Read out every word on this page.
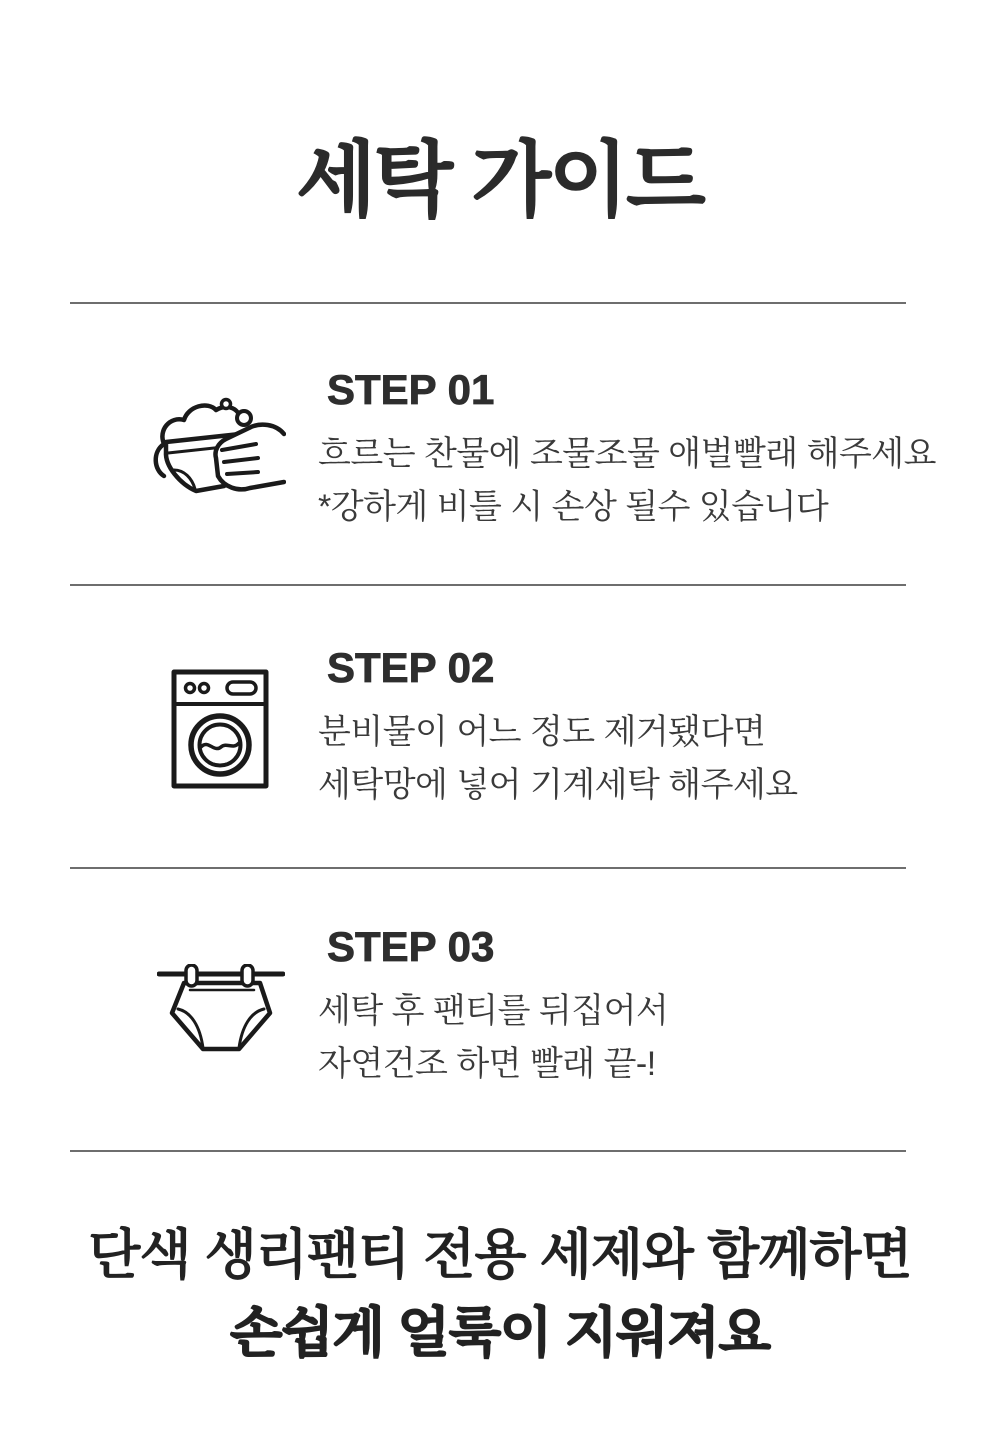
세탁 가이드
STEP 01

흐르는 찬물에 조물조물 애벌빨래 해주세요

*강하게 비틀 시 손상 될수 있습니다

STEP 02

분비물이 어느 정도 제거됐다면

세탁망에 넣어 기계세탁 해주세요

STEP 03

세탁 후 팬티를 뒤집어서

자연건조 하면 빨래 끝-!

단색 생리팬티 전용 세제와 함께하면

손쉽게 얼룩이 지워져요
